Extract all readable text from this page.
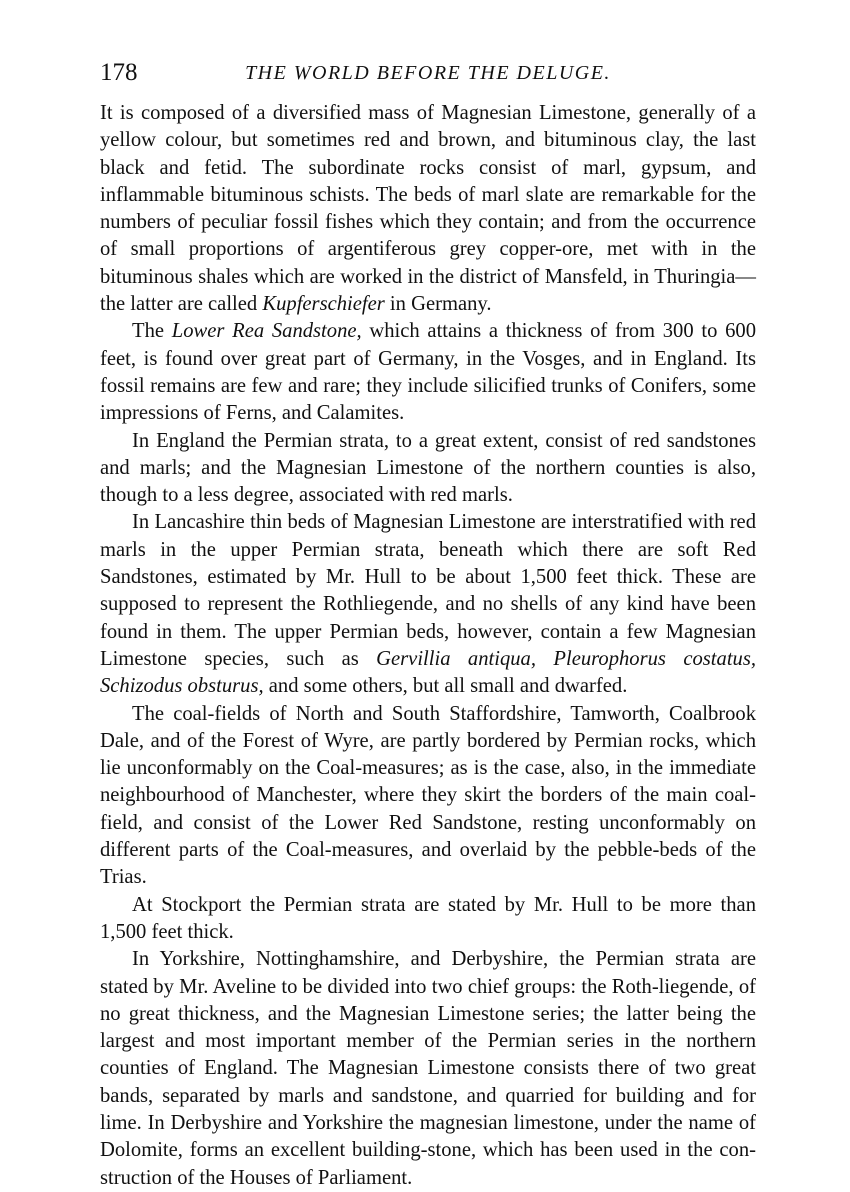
178	THE WORLD BEFORE THE DELUGE.

It is composed of a diversified mass of Magnesian Limestone, generally of a yellow colour, but sometimes red and brown, and bituminous clay, the last black and fetid. The subordinate rocks consist of marl, gypsum, and inflammable bituminous schists. The beds of marl slate are remarkable for the numbers of peculiar fossil fishes which they contain; and from the occurrence of small proportions of argentiferous grey copper-ore, met with in the bituminous shales which are worked in the district of Mansfeld, in Thuringia—the latter are called Kupferschiefer in Germany.

The Lower Rea Sandstone, which attains a thickness of from 300 to 600 feet, is found over great part of Germany, in the Vosges, and in England. Its fossil remains are few and rare; they include silicified trunks of Conifers, some impressions of Ferns, and Calamites.

In England the Permian strata, to a great extent, consist of red sandstones and marls; and the Magnesian Limestone of the northern counties is also, though to a less degree, associated with red marls.

In Lancashire thin beds of Magnesian Limestone are interstratified with red marls in the upper Permian strata, beneath which there are soft Red Sandstones, estimated by Mr. Hull to be about 1,500 feet thick. These are supposed to represent the Rothliegende, and no shells of any kind have been found in them. The upper Permian beds, however, contain a few Magnesian Limestone species, such as Gervillia antiqua, Pleurophorus costatus, Schizodus obsturus, and some others, but all small and dwarfed.

The coal-fields of North and South Staffordshire, Tamworth, Coalbrook Dale, and of the Forest of Wyre, are partly bordered by Permian rocks, which lie unconformably on the Coal-measures; as is the case, also, in the immediate neighbourhood of Manchester, where they skirt the borders of the main coal-field, and consist of the Lower Red Sandstone, resting unconformably on different parts of the Coal-measures, and overlaid by the pebble-beds of the Trias.

At Stockport the Permian strata are stated by Mr. Hull to be more than 1,500 feet thick.

In Yorkshire, Nottinghamshire, and Derbyshire, the Permian strata are stated by Mr. Aveline to be divided into two chief groups: the Roth-liegende, of no great thickness, and the Magnesian Limestone series; the latter being the largest and most important member of the Permian series in the northern counties of England. The Magnesian Limestone consists there of two great bands, separated by marls and sandstone, and quarried for building and for lime. In Derbyshire and Yorkshire the magnesian limestone, under the name of Dolomite, forms an excellent building-stone, which has been used in the construction of the Houses of Parliament.
